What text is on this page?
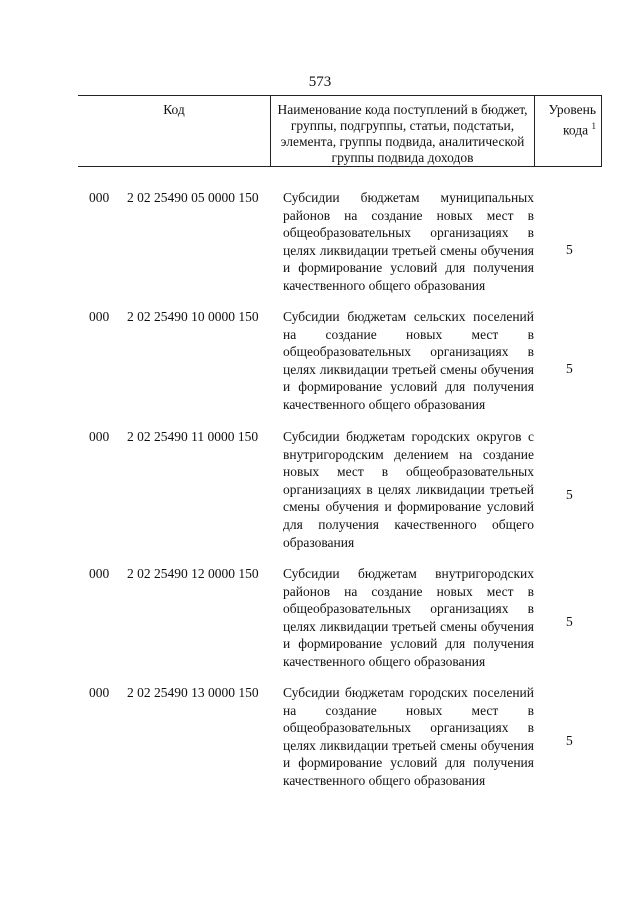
573
Код	Наименование кода поступлений в бюджет, группы, подгруппы, статьи, подстатьи, элемента, группы подвида, аналитической группы подвида доходов
Уровень кода $^1$
000 2 02 25490 05 0000 150 Субсидии бюджетам муниципальных районов на создание новых мест в общеобразовательных организациях в целях ликвидации третьей смены обучения и формирование условий для получения качественного общего образования
5
000 2 02 25490 10 0000 150 Субсидии бюджетам сельских поселений на создание новых мест в общеобразовательных организациях в целях ликвидации третьей смены обучения и формирование условий для получения качественного общего образования
5
000 2 02 25490 11 0000 150 Субсидии бюджетам городских округов с внутригородским делением на создание новых мест в общеобразовательных организациях в целях ликвидации третьей смены обучения и формирование условий для получения качественного общего образования
5
000 2 02 25490 12 0000 150 Субсидии бюджетам внутригородских районов на создание новых мест в общеобразовательных организациях в целях ликвидации третьей смены обучения и формирование условий для получения качественного общего образования
5
000 2 02 25490 13 0000 150 Субсидии бюджетам городских поселений на создание новых мест в общеобразовательных организациях в целях ликвидации третьей смены обучения и формирование условий для получения качественного общего образования
5
